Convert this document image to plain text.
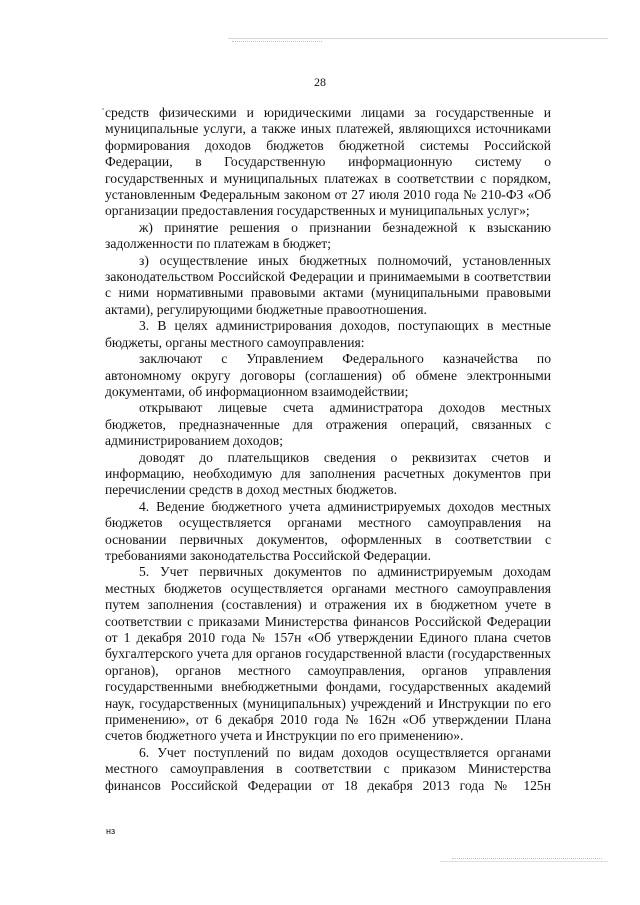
28

средств физическими и юридическими лицами за государственные и муниципальные услуги, а также иных платежей, являющихся источниками формирования доходов бюджетов бюджетной системы Российской Федерации, в Государственную информационную систему о государственных и муниципальных платежах в соответствии с порядком, установленным Федеральным законом от 27 июля 2010 года № 210-ФЗ «Об организации предоставления государственных и муниципальных услуг»;

ж) принятие решения о признании безнадежной к взысканию задолженности по платежам в бюджет;

з) осуществление иных бюджетных полномочий, установленных законодательством Российской Федерации и принимаемыми в соответствии с ними нормативными правовыми актами (муниципальными правовыми актами), регулирующими бюджетные правоотношения.

3. В целях администрирования доходов, поступающих в местные бюджеты, органы местного самоуправления:

заключают с Управлением Федерального казначейства по автономному округу договоры (соглашения) об обмене электронными документами, об информационном взаимодействии;

открывают лицевые счета администратора доходов местных бюджетов, предназначенные для отражения операций, связанных с администрированием доходов;

доводят до плательщиков сведения о реквизитах счетов и информацию, необходимую для заполнения расчетных документов при перечислении средств в доход местных бюджетов.

4. Ведение бюджетного учета администрируемых доходов местных бюджетов осуществляется органами местного самоуправления на основании первичных документов, оформленных в соответствии с требованиями законодательства Российской Федерации.

5. Учет первичных документов по администрируемым доходам местных бюджетов осуществляется органами местного самоуправления путем заполнения (составления) и отражения их в бюджетном учете в соответствии с приказами Министерства финансов Российской Федерации от 1 декабря 2010 года № 157н «Об утверждении Единого плана счетов бухгалтерского учета для органов государственной власти (государственных органов), органов местного самоуправления, органов управления государственными внебюджетными фондами, государственных академий наук, государственных (муниципальных) учреждений и Инструкции по его применению», от 6 декабря 2010 года № 162н «Об утверждении Плана счетов бюджетного учета и Инструкции по его применению».

6. Учет поступлений по видам доходов осуществляется органами местного самоуправления в соответствии с приказом Министерства финансов Российской Федерации от 18 декабря 2013 года № 125н

нз
